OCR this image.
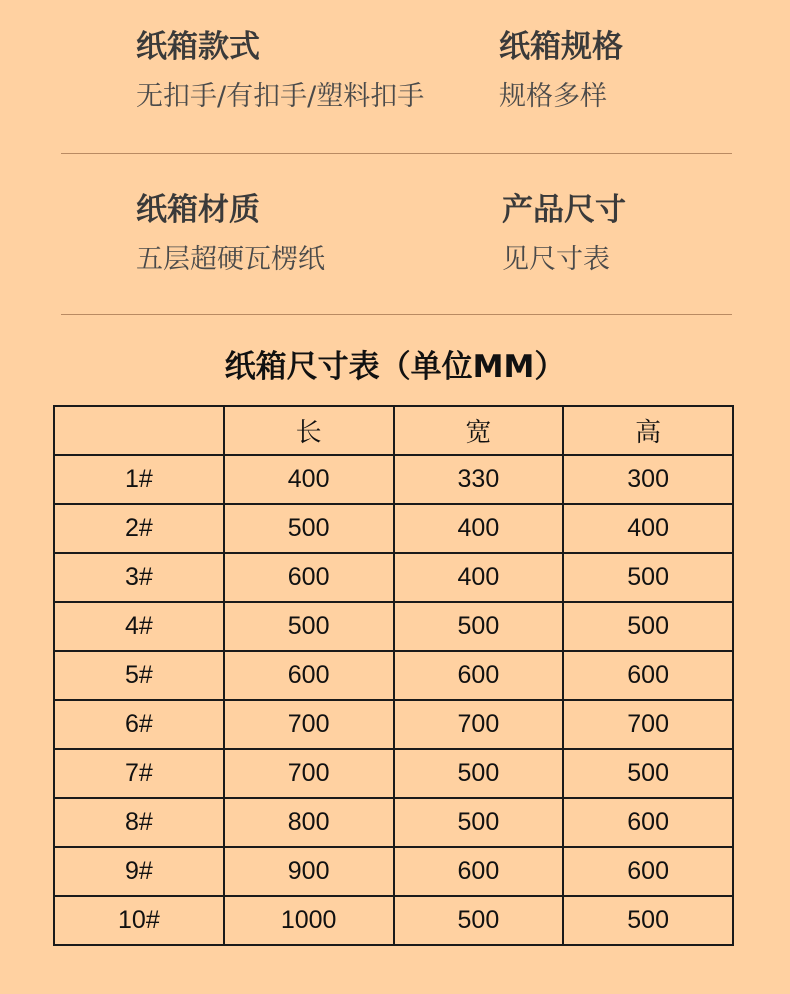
纸箱款式
无扣手/有扣手/塑料扣手
纸箱规格
规格多样
纸箱材质
五层超硬瓦楞纸
产品尺寸
见尺寸表
纸箱尺寸表（单位MM）
	长	宽	高
1#	400	330	300
2#	500	400	400
3#	600	400	500
4#	500	500	500
5#	600	600	600
6#	700	700	700
7#	700	500	500
8#	800	500	600
9#	900	600	600
10#	1000	500	500
